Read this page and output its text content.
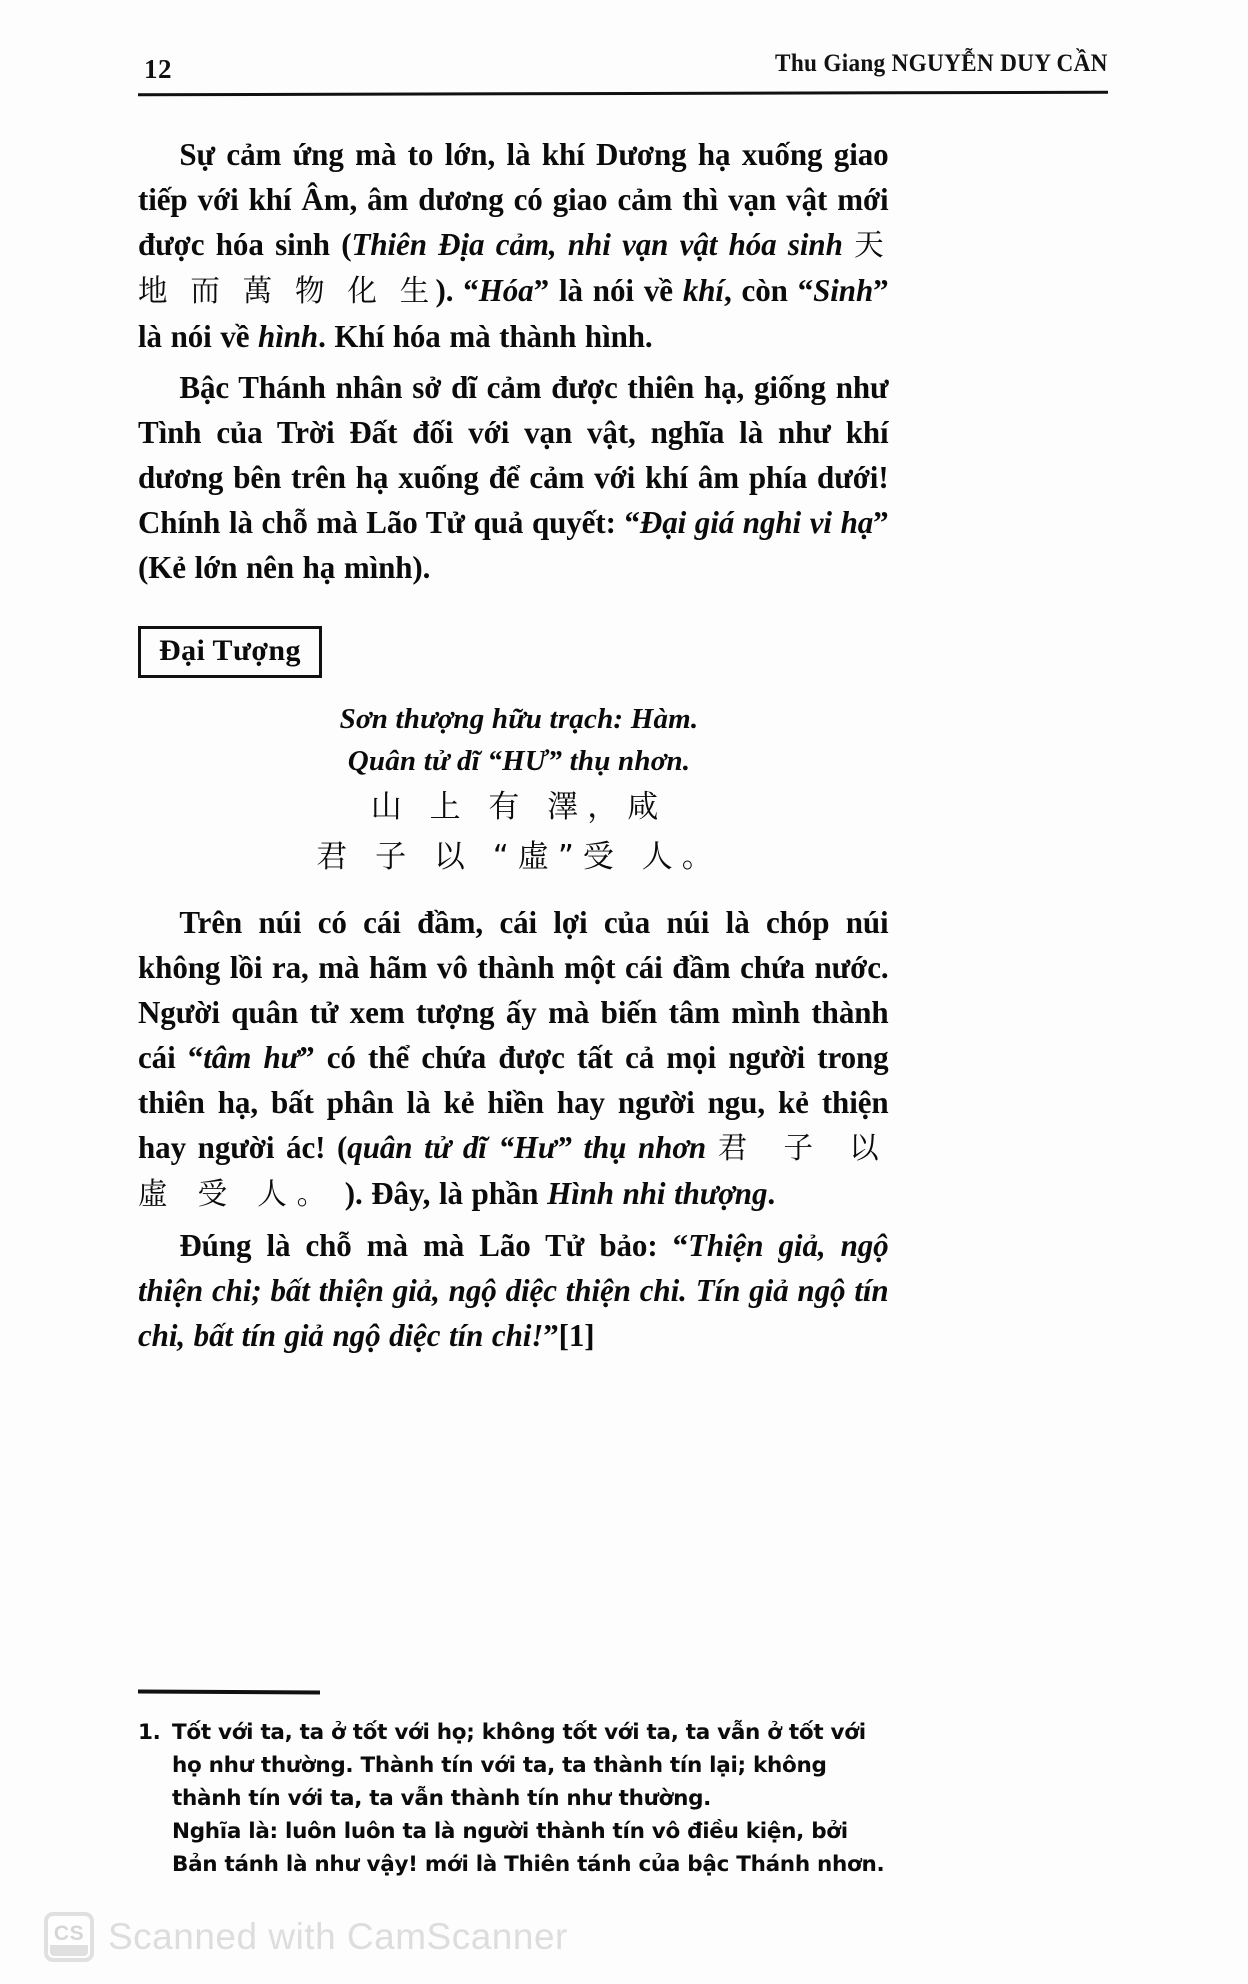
12	Thu Giang NGUYỄN DUY CẦN

Sự cảm ứng mà to lớn, là khí Dương hạ xuống giao tiếp với khí Âm, âm dương có giao cảm thì vạn vật mới được hóa sinh (Thiên Địa cảm, nhi vạn vật hóa sinh 天 地 而 萬 物 化 生). “Hóa” là nói về khí, còn “Sinh” là nói về hình. Khí hóa mà thành hình.

Bậc Thánh nhân sở dĩ cảm được thiên hạ, giống như Tình của Trời Đất đối với vạn vật, nghĩa là như khí dương bên trên hạ xuống để cảm với khí âm phía dưới! Chính là chỗ mà Lão Tử quả quyết: “Đại giá nghi vi hạ” (Kẻ lớn nên hạ mình).

Đại Tượng
Sơn thượng hữu trạch: Hàm.
Quân tử dĩ “HƯ” thụ nhơn.
山 上 有 澤，咸
君 子 以 “虛”受 人。

Trên núi có cái đầm, cái lợi của núi là chóp núi không lồi ra, mà hãm vô thành một cái đầm chứa nước. Người quân tử xem tượng ấy mà biến tâm mình thành cái “tâm hư” có thể chứa được tất cả mọi người trong thiên hạ, bất phân là kẻ hiền hay người ngu, kẻ thiện hay người ác! (quân tử dĩ “Hư” thụ nhơn 君 子 以 虛 受 人。 ). Đây, là phần Hình nhi thượng.

Đúng là chỗ mà mà Lão Tử bảo: “Thiện giả, ngộ thiện chi; bất thiện giả, ngộ diệc thiện chi. Tín giả ngộ tín chi, bất tín giả ngộ diệc tín chi!”[1]

1. Tốt với ta, ta ở tốt với họ; không tốt với ta, ta vẫn ở tốt với họ như thường. Thành tín với ta, ta thành tín lại; không thành tín với ta, ta vẫn thành tín như thường.

Nghĩa là: luôn luôn ta là người thành tín vô điều kiện, bởi Bản tánh là như vậy! mới là Thiên tánh của bậc Thánh nhơn.

CS Scanned with CamScanner
